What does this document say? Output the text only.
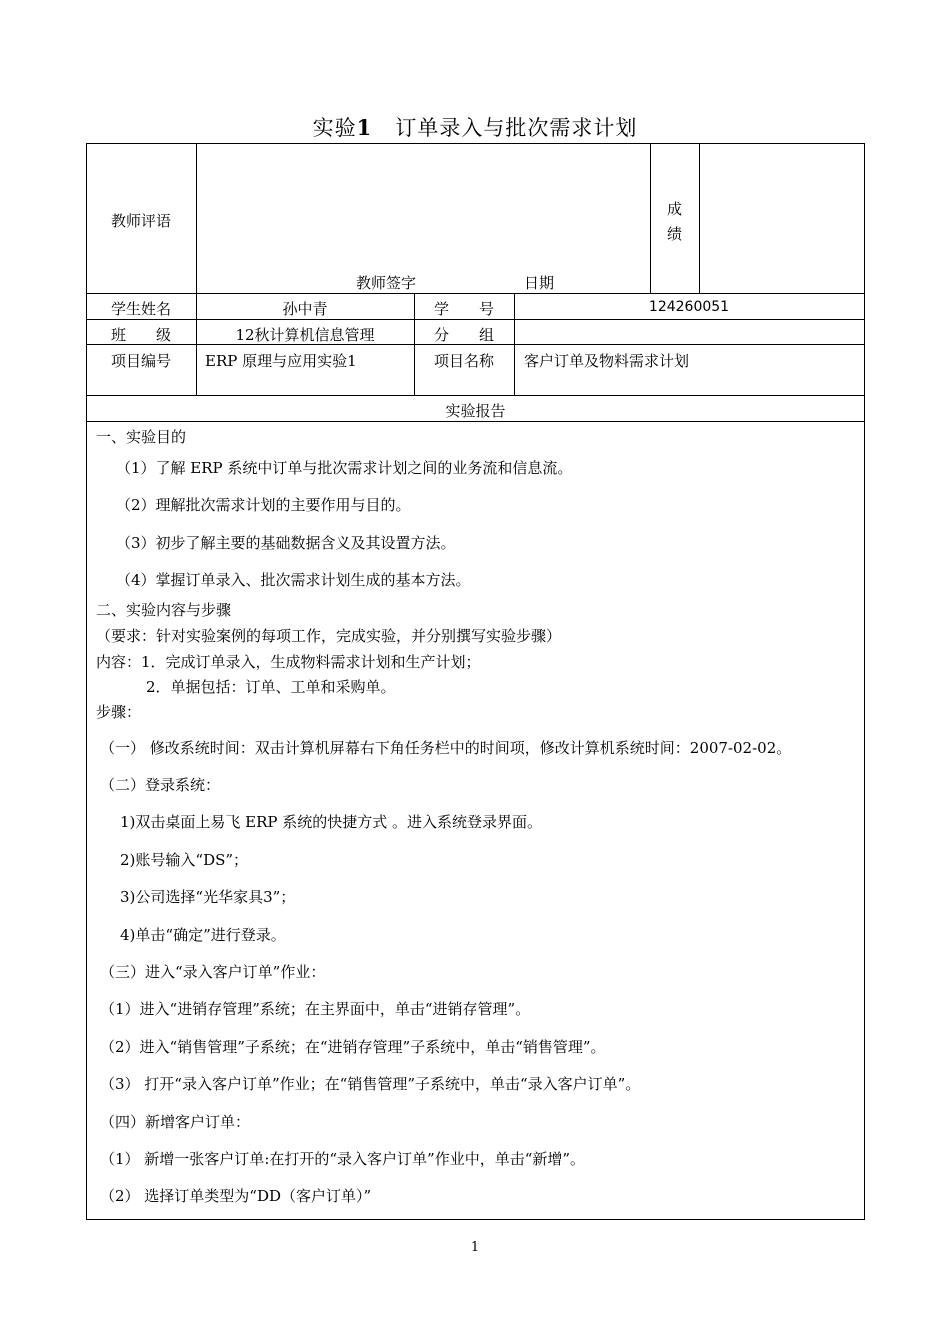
实验1 订单录入与批次需求计划
教师评语
教师签字	日期
成
绩
学生姓名	孙中青	学　　号	124260051
班　　级	12秋计算机信息管理	分　　组
项目编号	ERP 原理与应用实验1	项目名称	客户订单及物料需求计划
实验报告
一、实验目的
（1）了解 ERP 系统中订单与批次需求计划之间的业务流和信息流。
（2）理解批次需求计划的主要作用与目的。
（3）初步了解主要的基础数据含义及其设置方法。
（4）掌握订单录入、批次需求计划生成的基本方法。
二、实验内容与步骤
（要求：针对实验案例的每项工作，完成实验，并分别撰写实验步骤）
内容：1．完成订单录入，生成物料需求计划和生产计划；
2．单据包括：订单、工单和采购单。
步骤：
（一） 修改系统时间：双击计算机屏幕右下角任务栏中的时间项，修改计算机系统时间：2007-02-02。
（二）登录系统：
1)双击桌面上易飞 ERP 系统的快捷方式 。进入系统登录界面。
2)账号输入“DS”；
3)公司选择“光华家具3”；
4)单击“确定”进行登录。
（三）进入“录入客户订单”作业：
（1）进入“进销存管理”系统；在主界面中，单击“进销存管理”。
（2）进入“销售管理”子系统；在“进销存管理”子系统中，单击“销售管理”。
（3） 打开“录入客户订单”作业；在“销售管理”子系统中，单击“录入客户订单”。
（四）新增客户订单：
（1） 新增一张客户订单:在打开的“录入客户订单”作业中，单击“新增”。
（2） 选择订单类型为“DD（客户订单）”
1
